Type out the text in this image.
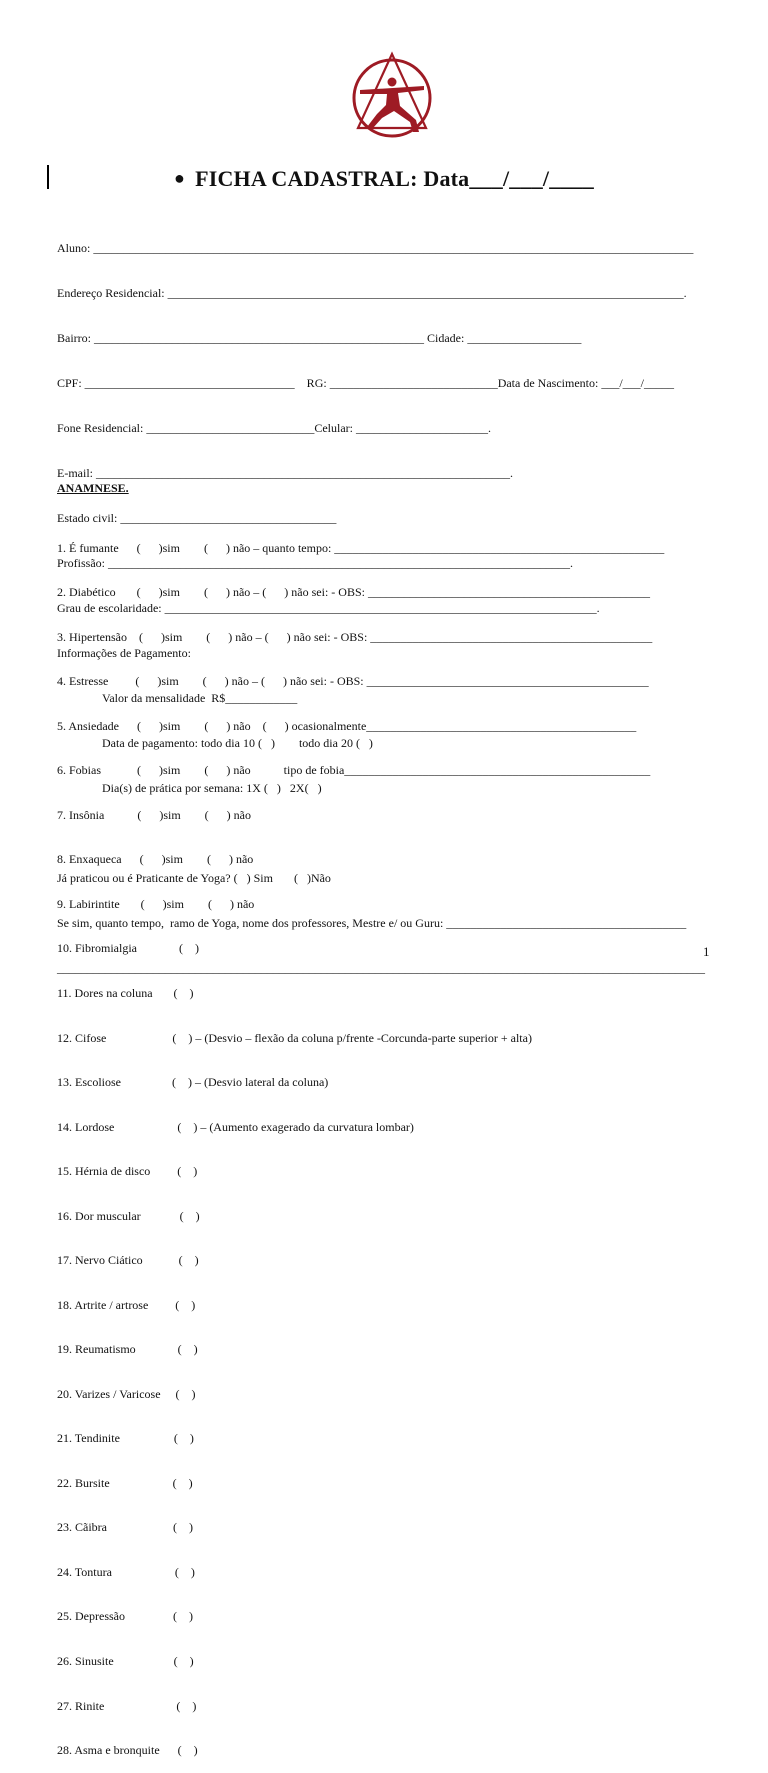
● FICHA CADASTRAL: Data___/___/____

Aluno: ____________________________________________________________________________________________________

Endereço Residencial: ______________________________________________________________________________________.

Bairro: _______________________________________________________ Cidade: ___________________

CPF: ___________________________________    RG: ____________________________Data de Nascimento: ___/___/_____

Fone Residencial: ____________________________Celular: ______________________.

E-mail: _____________________________________________________________________.

Estado civil: ____________________________________

Profissão: _____________________________________________________________________________.

Grau de escolaridade: ________________________________________________________________________.

Informações de Pagamento:

Valor da mensalidade  R$____________

Data de pagamento: todo dia 10 (   )        todo dia 20 (   )

Dia(s) de prática por semana: 1X (   )   2X(   )

Já praticou ou é Praticante de Yoga? (   ) Sim       (   )Não

Se sim, quanto tempo,  ramo de Yoga, nome dos professores, Mestre e/ ou Guru: ________________________________________

____________________________________________________________________________________________________________

ANAMNESE.

1. É fumante      (      )sim        (      ) não – quanto tempo: _______________________________________________________

2. Diabético       (      )sim        (      ) não – (      ) não sei: - OBS: _______________________________________________

3. Hipertensão    (      )sim        (      ) não – (      ) não sei: - OBS: _______________________________________________

4. Estresse         (      )sim        (      ) não – (      ) não sei: - OBS: _______________________________________________

5. Ansiedade      (      )sim        (      ) não    (      ) ocasionalmente_____________________________________________

6. Fobias            (      )sim        (      ) não           tipo de fobia___________________________________________________

7. Insônia           (      )sim        (      ) não

8. Enxaqueca      (      )sim        (      ) não

9. Labirintite       (      )sim        (      ) não

10. Fibromialgia              (    )

11. Dores na coluna       (    )

12. Cifose                      (    ) – (Desvio – flexão da coluna p/frente -Corcunda-parte superior + alta)

13. Escoliose                 (    ) – (Desvio lateral da coluna)

14. Lordose                     (    ) – (Aumento exagerado da curvatura lombar)

15. Hérnia de disco         (    )

16. Dor muscular             (    )

17. Nervo Ciático            (    )

18. Artrite / artrose         (    )

19. Reumatismo              (    )

20. Varizes / Varicose     (    )

21. Tendinite                  (    )

22. Bursite                     (    )

23. Cãibra                      (    )

24. Tontura                     (    )

25. Depressão                (    )

26. Sinusite                    (    )

27. Rinite                        (    )

28. Asma e bronquite      (    )

1
